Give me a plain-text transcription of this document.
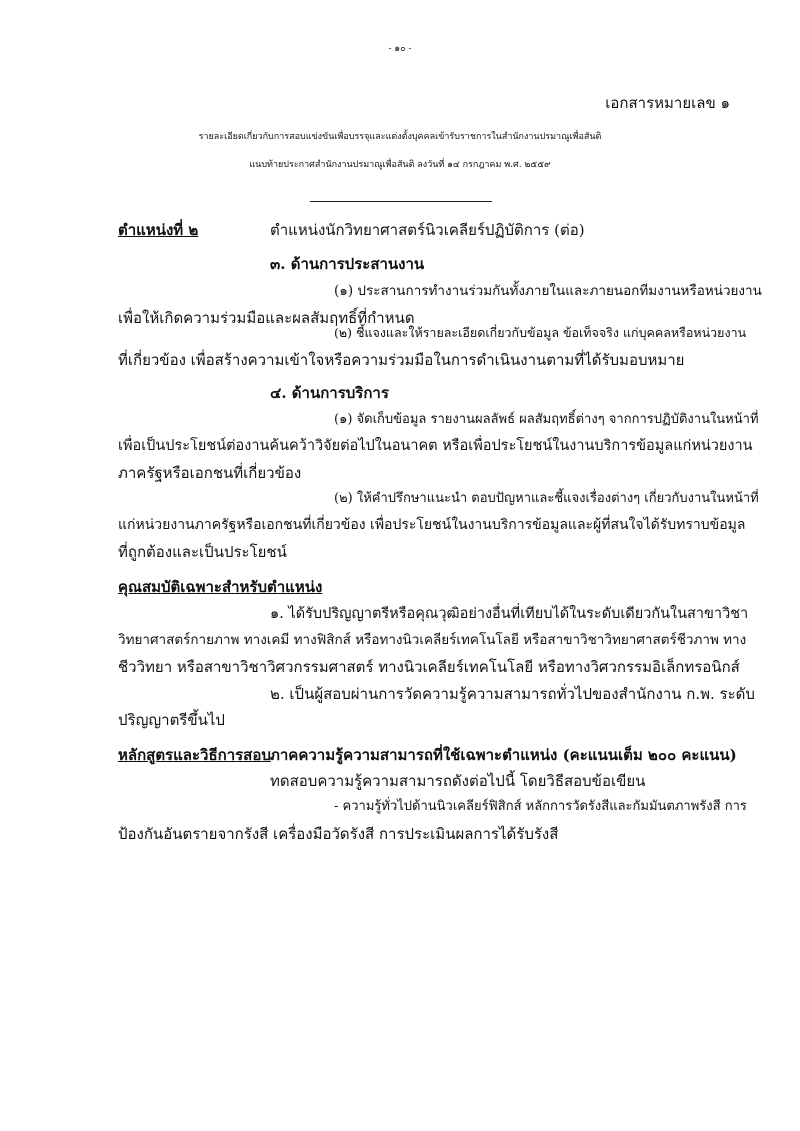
- ๑๐ -
เอกสารหมายเลข ๑
รายละเอียดเกี่ยวกับการสอบแข่งขันเพื่อบรรจุและแต่งตั้งบุคคลเข้ารับราชการในสำนักงานปรมาณูเพื่อสันติ
แนบท้ายประกาศสำนักงานปรมาณูเพื่อสันติ ลงวันที่ ๑๔ กรกฎาคม พ.ศ. ๒๕๕๙
ตำแหน่งที่ ๒	ตำแหน่งนักวิทยาศาสตร์นิวเคลียร์ปฏิบัติการ (ต่อ)
๓. ด้านการประสานงาน
(๑) ประสานการทำงานร่วมกันทั้งภายในและภายนอกทีมงานหรือหน่วยงาน
เพื่อให้เกิดความร่วมมือและผลสัมฤทธิ์ที่กำหนด
(๒) ชี้แจงและให้รายละเอียดเกี่ยวกับข้อมูล ข้อเท็จจริง แก่บุคคลหรือหน่วยงาน
ที่เกี่ยวข้อง เพื่อสร้างความเข้าใจหรือความร่วมมือในการดำเนินงานตามที่ได้รับมอบหมาย
๔. ด้านการบริการ
(๑) จัดเก็บข้อมูล รายงานผลลัพธ์ ผลสัมฤทธิ์ต่างๆ จากการปฏิบัติงานในหน้าที่
เพื่อเป็นประโยชน์ต่องานค้นคว้าวิจัยต่อไปในอนาคต หรือเพื่อประโยชน์ในงานบริการข้อมูลแก่หน่วยงาน
ภาครัฐหรือเอกชนที่เกี่ยวข้อง
(๒) ให้คำปรึกษาแนะนำ ตอบปัญหาและชี้แจงเรื่องต่างๆ เกี่ยวกับงานในหน้าที่
แก่หน่วยงานภาครัฐหรือเอกชนที่เกี่ยวข้อง เพื่อประโยชน์ในงานบริการข้อมูลและผู้ที่สนใจได้รับทราบข้อมูล
ที่ถูกต้องและเป็นประโยชน์
คุณสมบัติเฉพาะสำหรับตำแหน่ง
๑. ได้รับปริญญาตรีหรือคุณวุฒิอย่างอื่นที่เทียบได้ในระดับเดียวกันในสาขาวิชา
วิทยาศาสตร์กายภาพ ทางเคมี ทางฟิสิกส์ หรือทางนิวเคลียร์เทคโนโลยี หรือสาขาวิชาวิทยาศาสตร์ชีวภาพ ทาง
ชีววิทยา หรือสาขาวิชาวิศวกรรมศาสตร์ ทางนิวเคลียร์เทคโนโลยี หรือทางวิศวกรรมอิเล็กทรอนิกส์
๒. เป็นผู้สอบผ่านการวัดความรู้ความสามารถทั่วไปของสำนักงาน ก.พ. ระดับ
ปริญญาตรีขึ้นไป
หลักสูตรและวิธีการสอบ ภาคความรู้ความสามารถที่ใช้เฉพาะตำแหน่ง (คะแนนเต็ม ๒๐๐ คะแนน)
ทดสอบความรู้ความสามารถดังต่อไปนี้ โดยวิธีสอบข้อเขียน
- ความรู้ทั่วไปด้านนิวเคลียร์ฟิสิกส์ หลักการวัดรังสีและกัมมันตภาพรังสี การ
ป้องกันอันตรายจากรังสี เครื่องมือวัดรังสี การประเมินผลการได้รับรังสี
